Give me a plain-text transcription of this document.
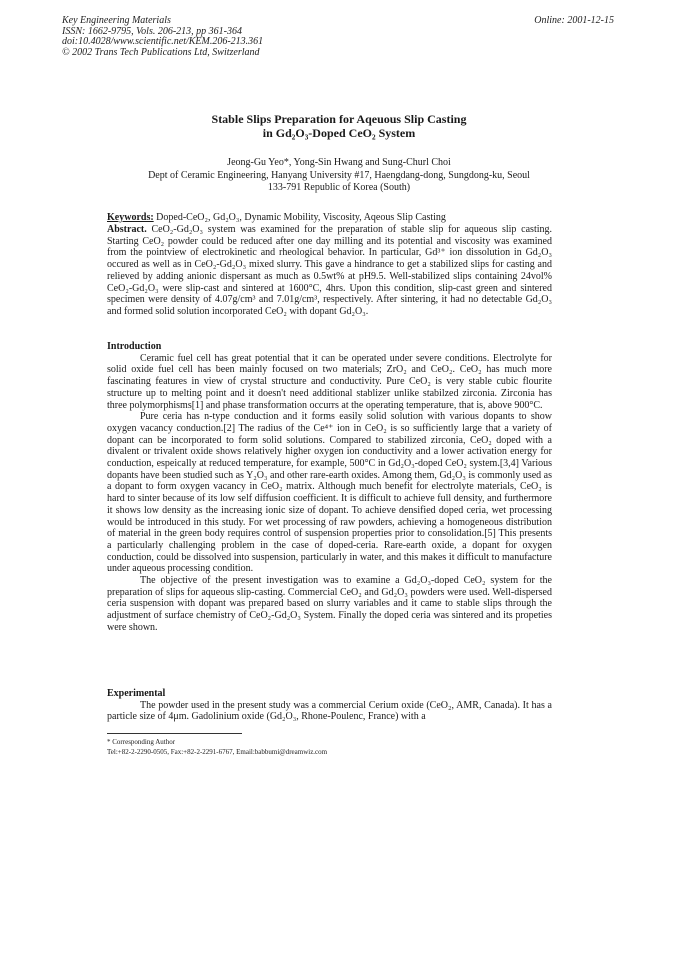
Key Engineering Materials
ISSN: 1662-9795, Vols. 206-213, pp 361-364
doi:10.4028/www.scientific.net/KEM.206-213.361
© 2002 Trans Tech Publications Ltd, Switzerland
Online: 2001-12-15
Stable Slips Preparation for Aqeuous Slip Casting
in Gd₂O₃-Doped CeO₂ System
Jeong-Gu Yeo*, Yong-Sin Hwang and Sung-Churl Choi
Dept of Ceramic Engineering, Hanyang University #17, Haengdang-dong, Sungdong-ku, Seoul
133-791 Republic of Korea (South)

Keywords: Doped-CeO₂, Gd₂O₃, Dynamic Mobility, Viscosity, Aqeous Slip Casting

Abstract. CeO₂-Gd₂O₃ system was examined for the preparation of stable slip for aqueous slip casting. Starting CeO₂ powder could be reduced after one day milling and its potential and viscosity was examined from the pointview of electrokinetic and rheological behavior. In particular, Gd³⁺ ion dissolution in Gd₂O₃ occured as well as in CeO₂-Gd₂O₃ mixed slurry. This gave a hindrance to get a stabilized slips for casting and relieved by adding anionic dispersant as much as 0.5wt% at pH9.5. Well-stabilized slips containing 24vol% CeO₂-Gd₂O₃ were slip-cast and sintered at 1600°C, 4hrs. Upon this condition, slip-cast green and sintered specimen were density of 4.07g/cm³ and 7.01g/cm³, respectively. After sintering, it had no detectable Gd₂O₃ and formed solid solution incorporated CeO₂ with dopant Gd₂O₃.

Introduction

Ceramic fuel cell has great potential that it can be operated under severe conditions. Electrolyte for solid oxide fuel cell has been mainly focused on two materials; ZrO₂ and CeO₂. CeO₂ has much more fascinating features in view of crystal structure and conductivity. Pure CeO₂ is very stable cubic flourite structure up to melting point and it doesn't need additional stablizer unlike stabilzed zirconia. Zirconia has three polymorphisms[1] and phase transformation occurrs at the operating temperature, that is, above 900°C.

Pure ceria has n-type conduction and it forms easily solid solution with various dopants to show oxygen vacancy conduction.[2] The radius of the Ce⁴⁺ ion in CeO₂ is so sufficiently large that a variety of dopant can be incorporated to form solid solutions. Compared to stabilized zirconia, CeO₂ doped with a divalent or trivalent oxide shows relatively higher oxygen ion conductivity and a lower activation energy for conduction, espeically at reduced temperature, for example, 500°C in Gd₂O₃-doped CeO₂ system.[3,4] Various dopants have been studied such as Y₂O₃ and other rare-earth oxides. Among them, Gd₂O₃ is commonly used as a dopant to form oxygen vacancy in CeO₂ matrix. Although much benefit for electrolyte materials, CeO₂ is hard to sinter because of its low self diffusion coefficient. It is difficult to achieve full density, and furthermore it shows low density as the increasing ionic size of dopant. To achieve densified doped ceria, wet processing would be introduced in this study. For wet processing of raw powders, achieving a homogeneous distribution of material in the green body requires control of suspension properties prior to consolidation.[5] This presents a particularly challenging problem in the case of doped-ceria. Rare-earth oxide, a dopant for oxygen conduction, could be dissolved into suspension, particularly in water, and this makes it difficult to manufacture under aqueous processing condition.

The objective of the present investigation was to examine a Gd₂O₃-doped CeO₂ system for the preparation of slips for aqueous slip-casting. Commercial CeO₂ and Gd₂O₃ powders were used. Well-dispersed ceria suspension with dopant was prepared based on slurry variables and it came to stable slips through the adjustment of surface chemistry of CeO₂-Gd₂O₃ System. Finally the doped ceria was sintered and its propeties were shown.

Experimental

The powder used in the present study was a commercial Cerium oxide (CeO₂, AMR, Canada). It has a particle size of 4μm. Gadolinium oxide (Gd₂O₃, Rhone-Poulenc, France) with a

* Corresponding Author

Tel:+82-2-2290-0505, Fax:+82-2-2291-6767, Email:babbumi@dreamwiz.com
